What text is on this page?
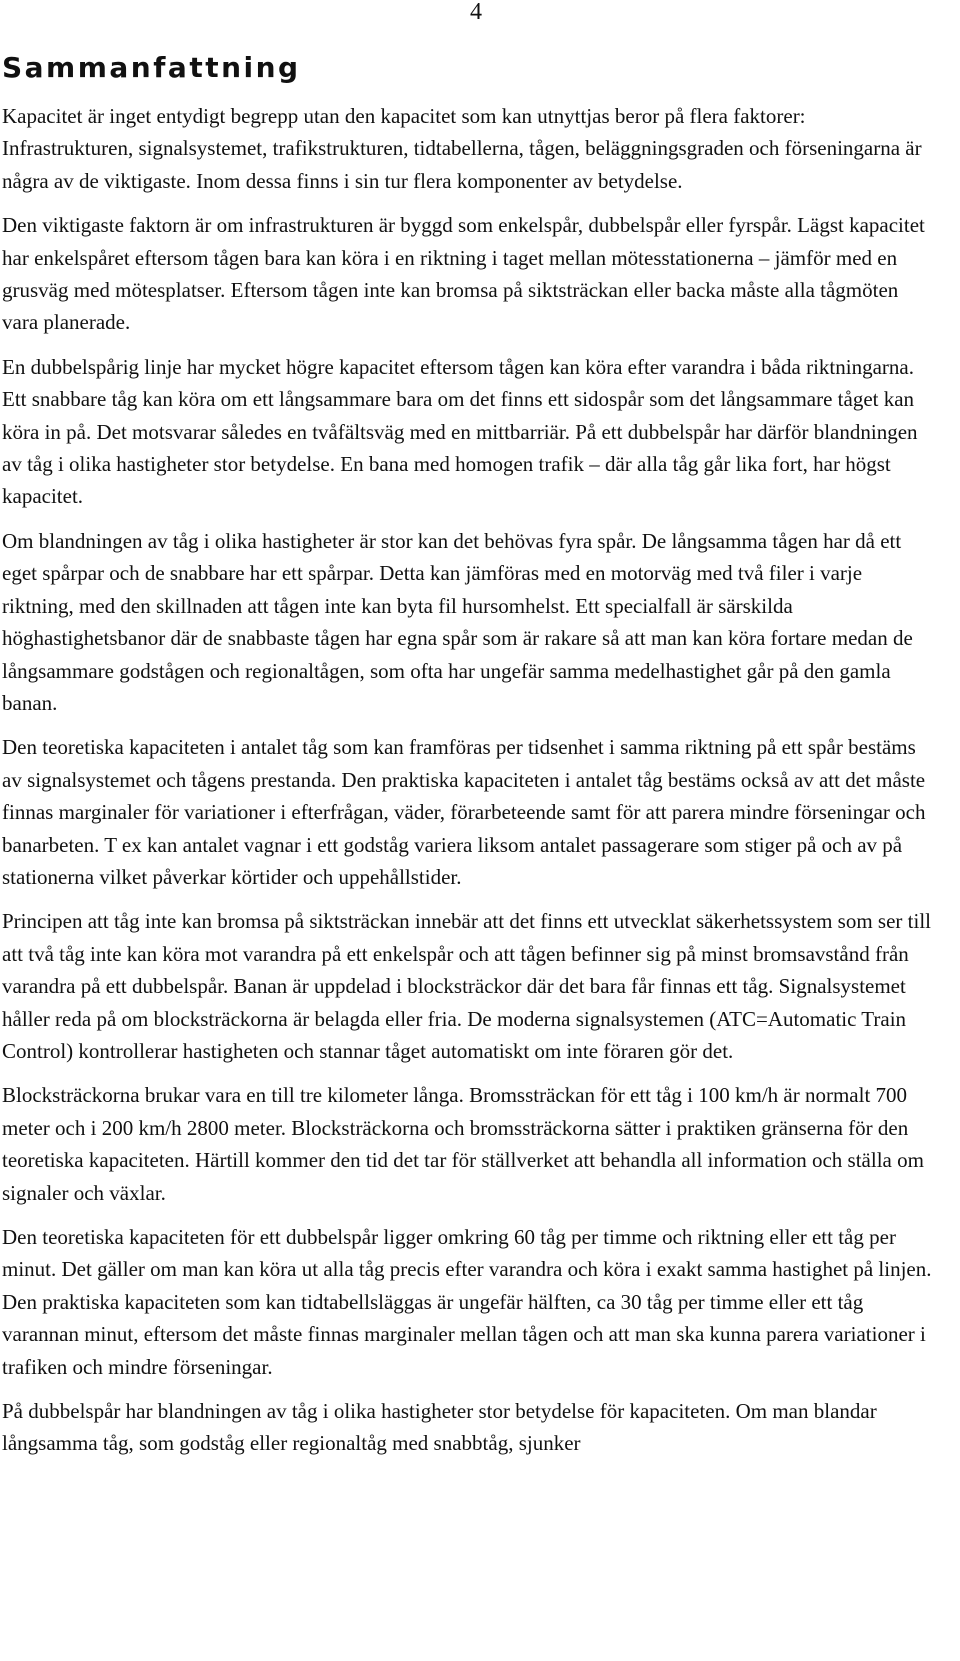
4
Sammanfattning

Kapacitet är inget entydigt begrepp utan den kapacitet som kan utnyttjas beror på flera faktorer: Infrastrukturen, signalsystemet, trafikstrukturen, tidtabellerna, tågen, beläggningsgraden och förseningarna är några av de viktigaste. Inom dessa finns i sin tur flera komponenter av betydelse.

Den viktigaste faktorn är om infrastrukturen är byggd som enkelspår, dubbelspår eller fyrspår. Lägst kapacitet har enkelspåret eftersom tågen bara kan köra i en riktning i taget mellan mötesstationerna – jämför med en grusväg med mötesplatser. Eftersom tågen inte kan bromsa på siktsträckan eller backa måste alla tågmöten vara planerade.

En dubbelspårig linje har mycket högre kapacitet eftersom tågen kan köra efter varandra i båda riktningarna. Ett snabbare tåg kan köra om ett långsammare bara om det finns ett sidospår som det långsammare tåget kan köra in på. Det motsvarar således en tvåfältsväg med en mittbarriär. På ett dubbelspår har därför blandningen av tåg i olika hastigheter stor betydelse. En bana med homogen trafik – där alla tåg går lika fort, har högst kapacitet.

Om blandningen av tåg i olika hastigheter är stor kan det behövas fyra spår. De långsamma tågen har då ett eget spårpar och de snabbare har ett spårpar. Detta kan jämföras med en motorväg med två filer i varje riktning, med den skillnaden att tågen inte kan byta fil hursomhelst. Ett specialfall är särskilda höghastighetsbanor där de snabbaste tågen har egna spår som är rakare så att man kan köra fortare medan de långsammare godstågen och regionaltågen, som ofta har ungefär samma medelhastighet går på den gamla banan.

Den teoretiska kapaciteten i antalet tåg som kan framföras per tidsenhet i samma riktning på ett spår bestäms av signalsystemet och tågens prestanda. Den praktiska kapaciteten i antalet tåg bestäms också av att det måste finnas marginaler för variationer i efterfrågan, väder, förarbeteende samt för att parera mindre förseningar och banarbeten. T ex kan antalet vagnar i ett godståg variera liksom antalet passagerare som stiger på och av på stationerna vilket påverkar körtider och uppehållstider.

Principen att tåg inte kan bromsa på siktsträckan innebär att det finns ett utvecklat säkerhetssystem som ser till att två tåg inte kan köra mot varandra på ett enkelspår och att tågen befinner sig på minst bromsavstånd från varandra på ett dubbelspår. Banan är uppdelad i blocksträckor där det bara får finnas ett tåg. Signalsystemet håller reda på om blocksträckorna är belagda eller fria. De moderna signalsystemen (ATC=Automatic Train Control) kontrollerar hastigheten och stannar tåget automatiskt om inte föraren gör det.

Blocksträckorna brukar vara en till tre kilometer långa. Bromssträckan för ett tåg i 100 km/h är normalt 700 meter och i 200 km/h 2800 meter. Blocksträckorna och bromssträckorna sätter i praktiken gränserna för den teoretiska kapaciteten. Härtill kommer den tid det tar för ställverket att behandla all information och ställa om signaler och växlar.

Den teoretiska kapaciteten för ett dubbelspår ligger omkring 60 tåg per timme och riktning eller ett tåg per minut. Det gäller om man kan köra ut alla tåg precis efter varandra och köra i exakt samma hastighet på linjen. Den praktiska kapaciteten som kan tidtabellsläggas är ungefär hälften, ca 30 tåg per timme eller ett tåg varannan minut, eftersom det måste finnas marginaler mellan tågen och att man ska kunna parera variationer i trafiken och mindre förseningar.

På dubbelspår har blandningen av tåg i olika hastigheter stor betydelse för kapaciteten. Om man blandar långsamma tåg, som godståg eller regionaltåg med snabbtåg, sjunker
